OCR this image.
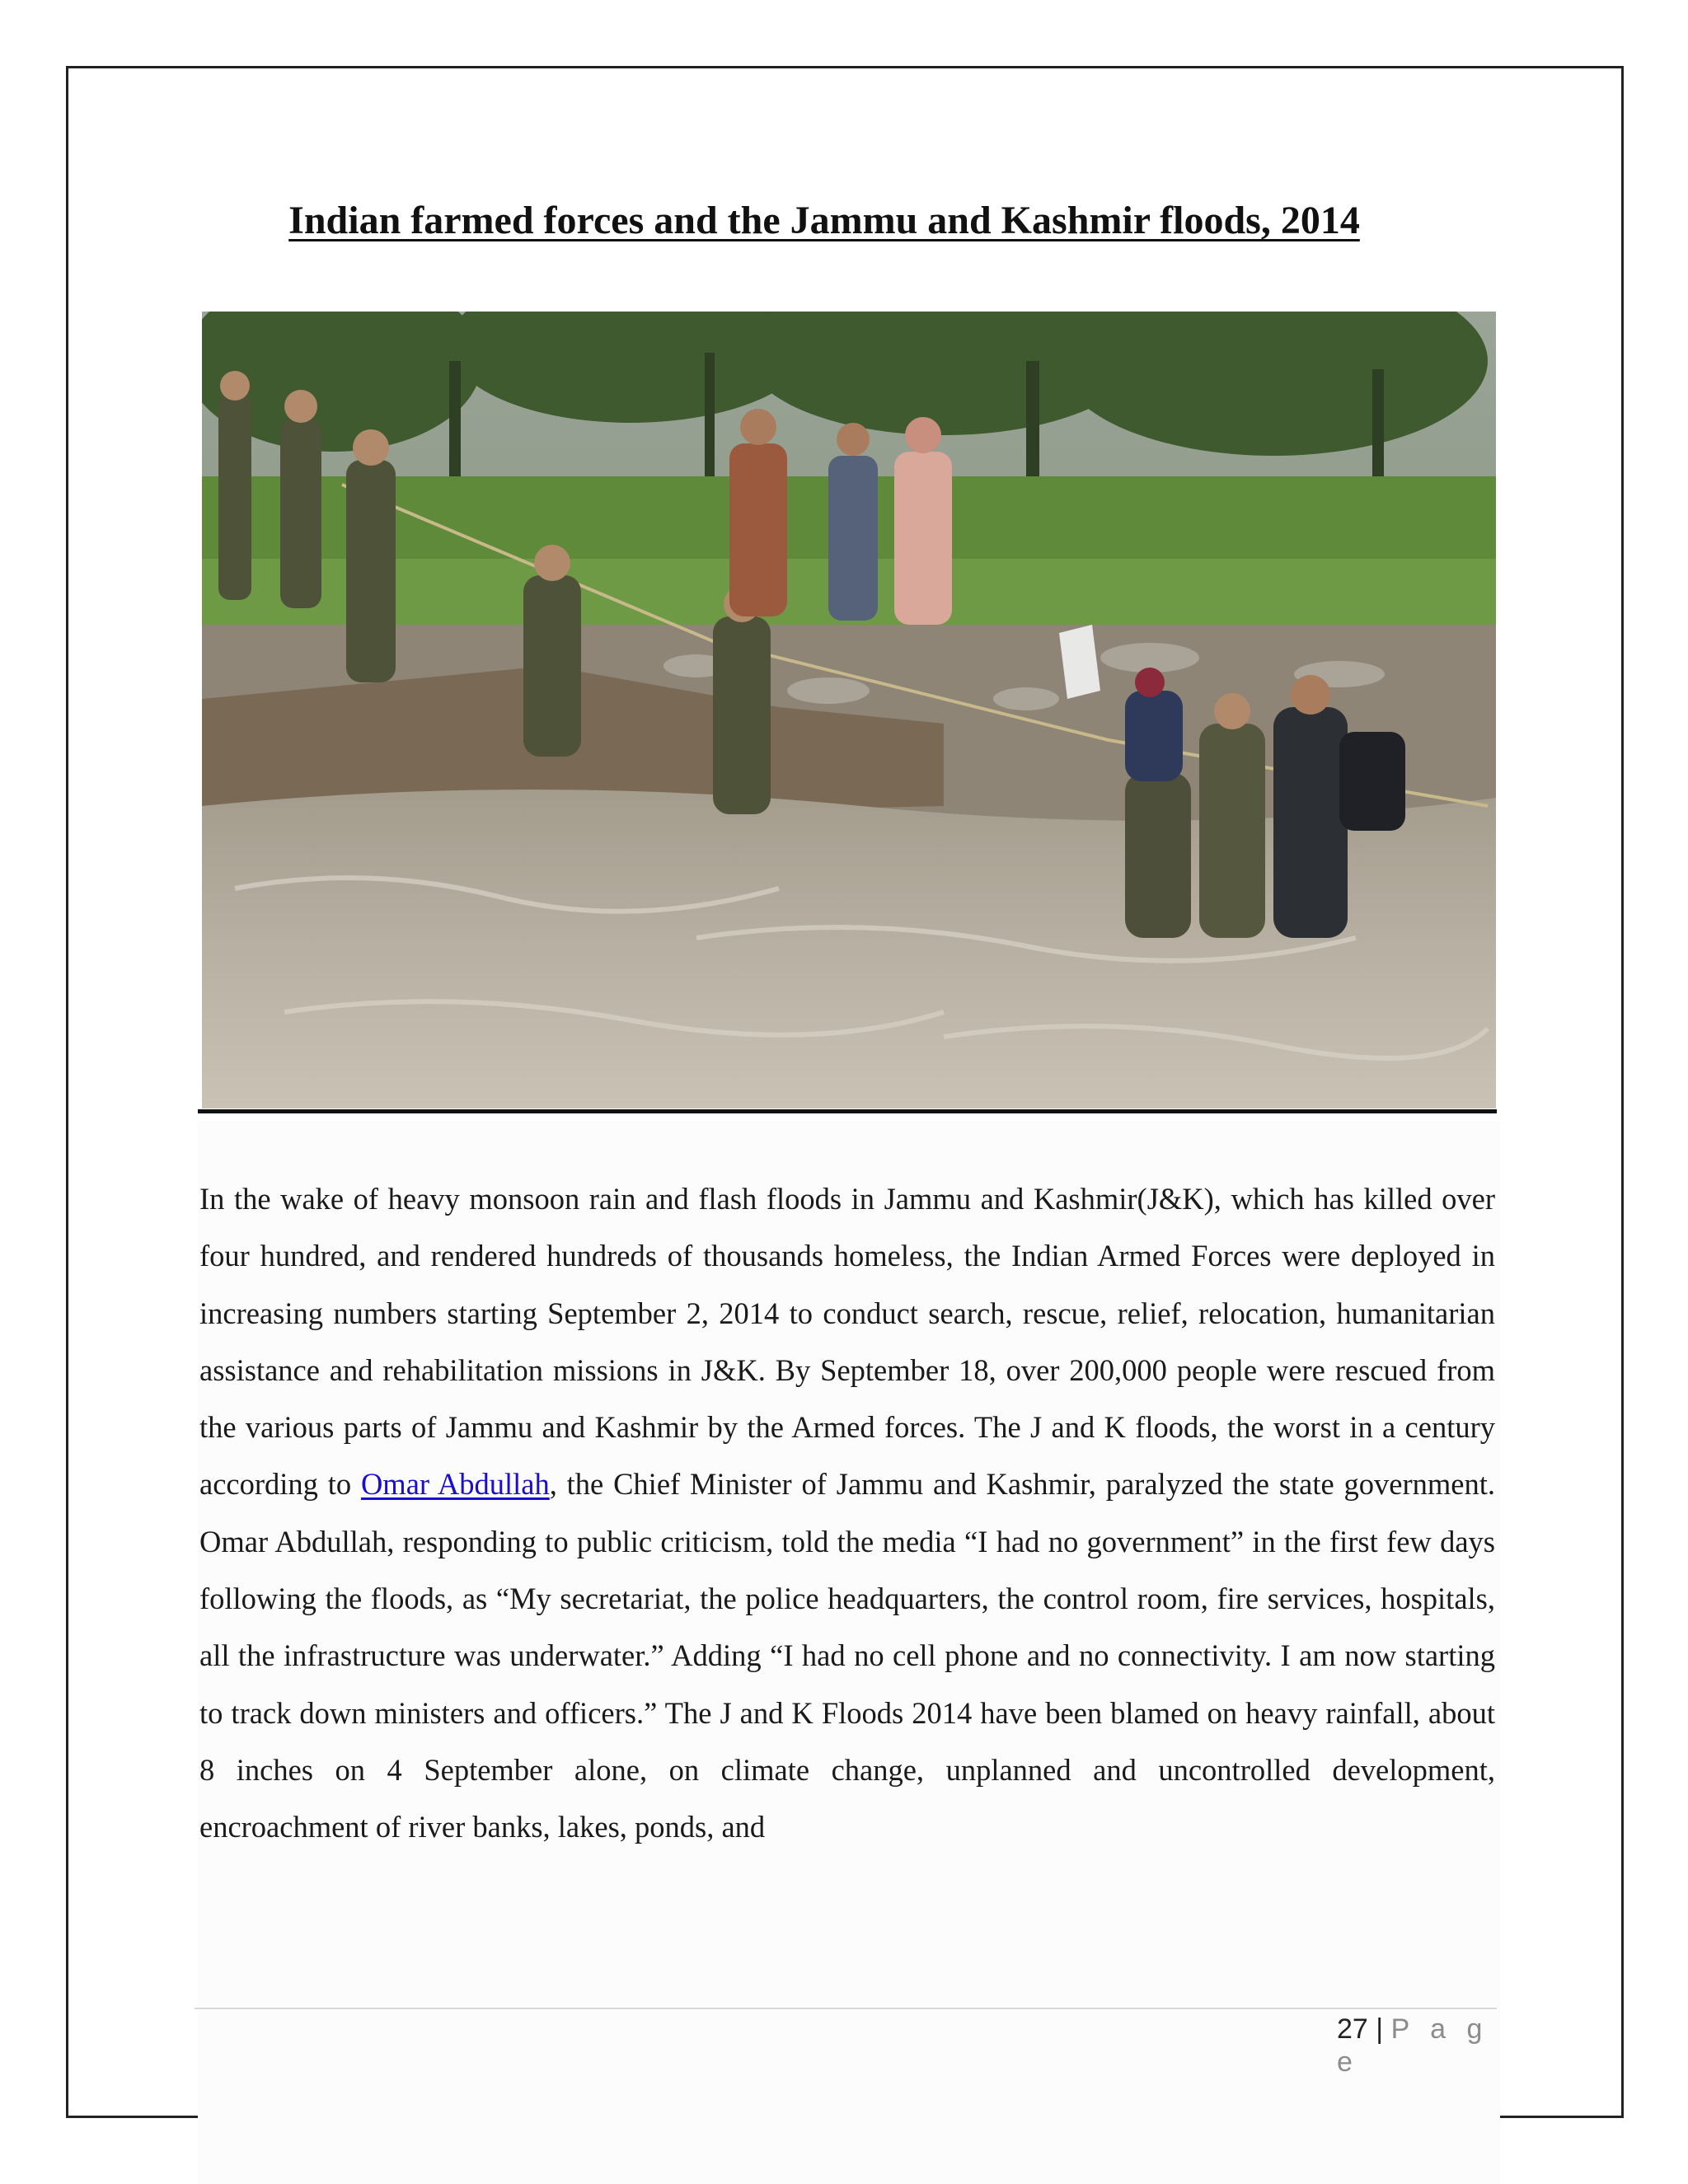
Indian farmed forces and the Jammu and Kashmir floods, 2014

In the wake of heavy monsoon rain and flash floods in Jammu and Kashmir(J&K), which has killed over four hundred, and rendered hundreds of thousands homeless, the Indian Armed Forces were deployed in increasing numbers starting September 2, 2014 to conduct search, rescue, relief, relocation, humanitarian assistance and rehabilitation missions in J&K. By September 18, over 200,000 people were rescued from the various parts of Jammu and Kashmir by the Armed forces. The J and K floods, the worst in a century according to Omar Abdullah, the Chief Minister of Jammu and Kashmir, paralyzed the state government. Omar Abdullah, responding to public criticism, told the media “I had no government” in the first few days following the floods, as “My secretariat, the police headquarters, the control room, fire services, hospitals, all the infrastructure was underwater.” Adding “I had no cell phone and no connectivity. I am now starting to track down ministers and officers.” The J and K Floods 2014 have been blamed on heavy rainfall, about 8 inches on 4 September alone, on climate change, unplanned and uncontrolled development, encroachment of river banks, lakes, ponds, and

27 | P a g e
